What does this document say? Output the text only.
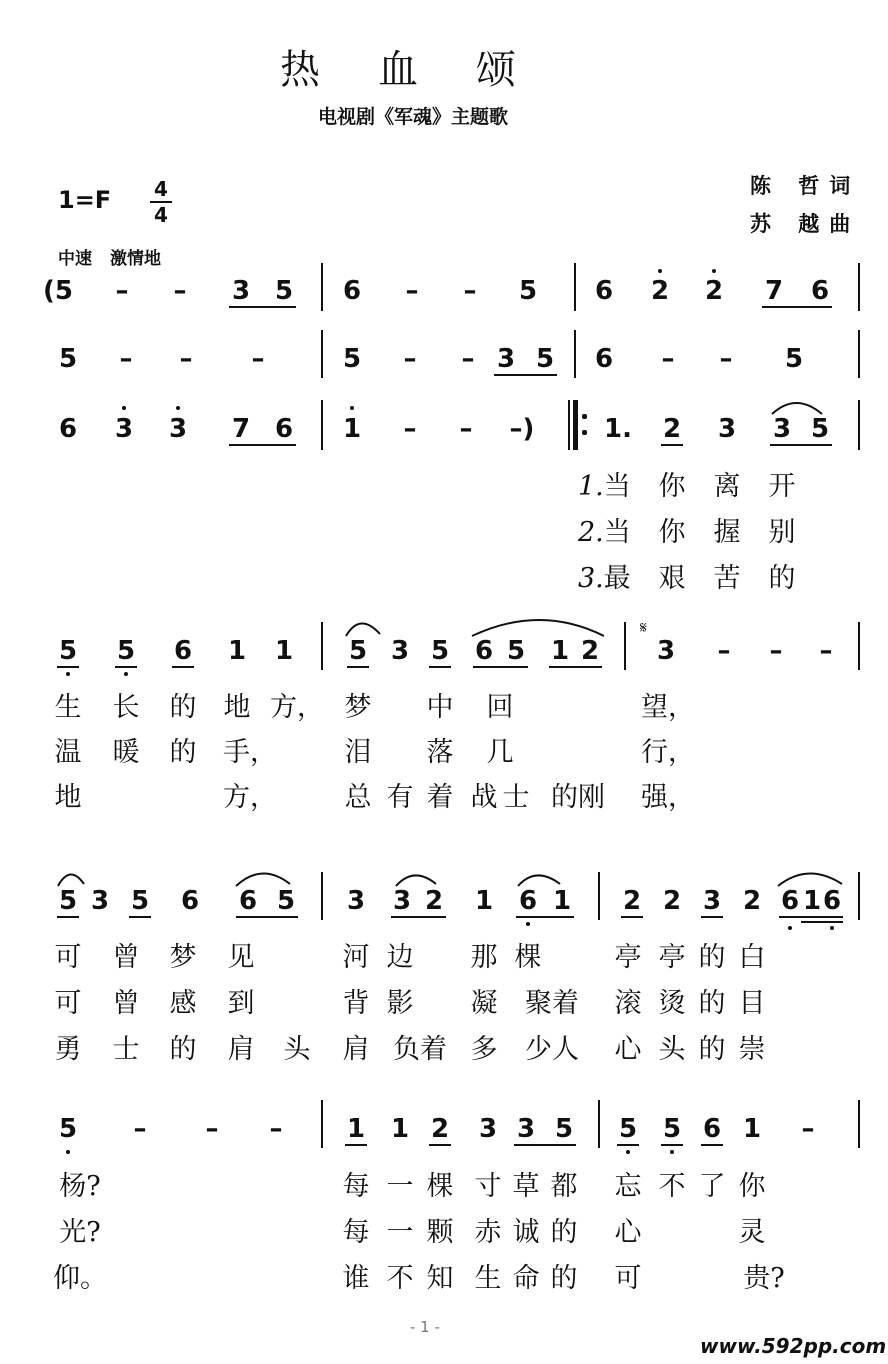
热血颂
电视剧《军魂》主题歌
陈 哲词
苏 越曲
1=F 4
4
中速 激情地
(5 – – 3 5 6 – – 5 6 2 2 7 6
5 – – –	5 – – 3 5 6 – – 5
6 3 3 7 6 1 – – –)	1. 2 3 3 5
1.当 你 离 开
2.当 你 握 别
3.最 艰 苦 的
5 5 6 1 1 5 3 5 6 5 1 2
𝄋
3 – – –
生 长 的 地 方， 梦 中 回	望，
温 暖 的 手，	泪 落 几	行，
地	方，	总 有 着 战 士 的刚 强，
5 3 5 6 6 5 3 3 2 1 6 1 2 2 3 2 6 1 6
可 曾 梦 见	河 边 那 棵	亭 亭 的 白
可 曾 感 到	背 影 凝 聚着 滚 烫 的 目
勇 士 的 肩 头 肩 负着 多 少人 心 头 的 崇
5 – – – 1 1 2 3 3 5 5 5 6 1 –
杨?	每 一 棵 寸 草 都 忘 不 了 你
光?	每 一 颗 赤 诚 的 心	灵
仰。	谁 不 知 生 命 的 可	贵?
- 1 -
www.592pp.com
